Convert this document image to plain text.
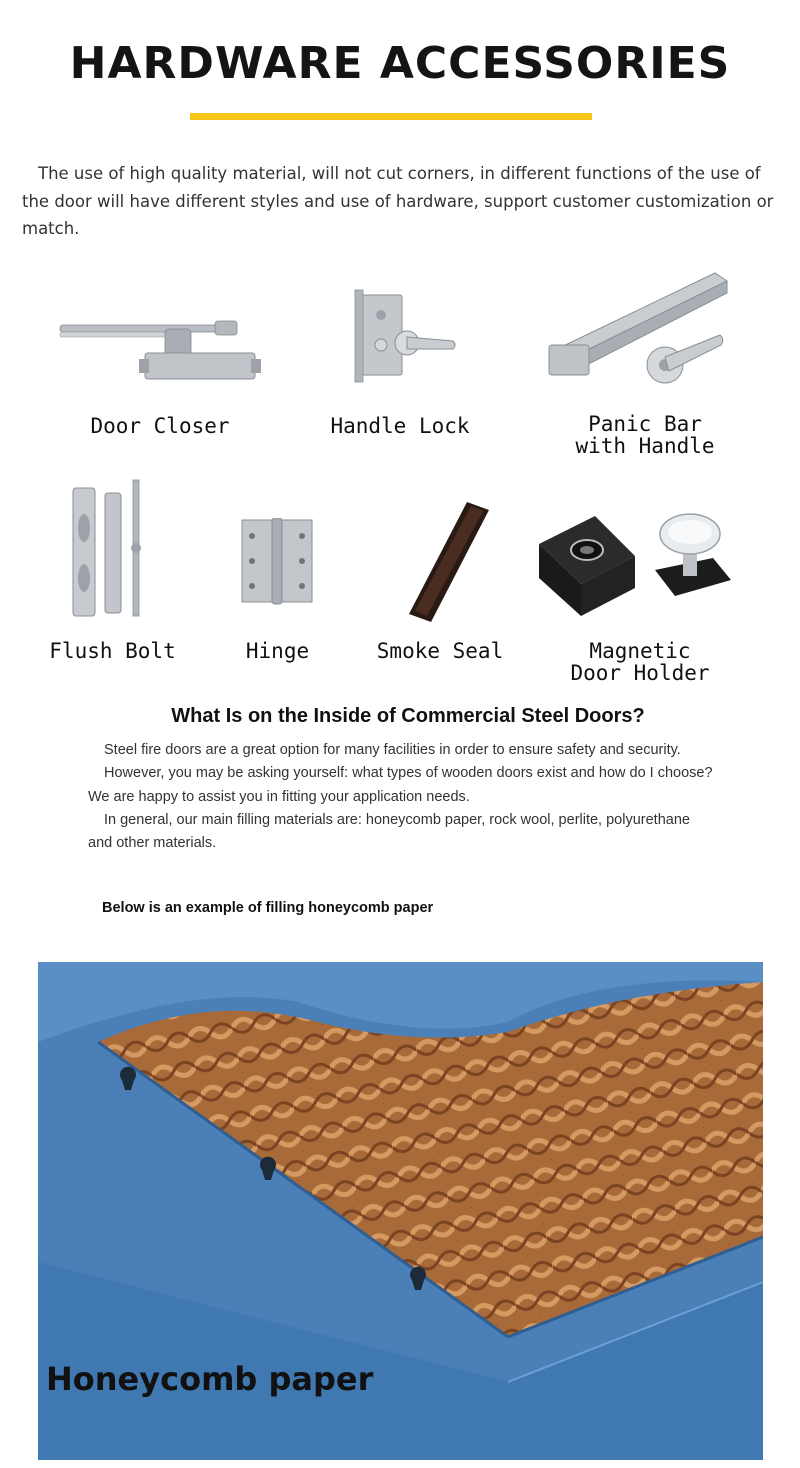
HARDWARE ACCESSORIES
The use of high quality material, will not cut corners, in different functions of the use of the door will have different styles and use of hardware, support customer customization or match.
Door Closer	Handle Lock	Panic Bar
with Handle
Flush Bolt	Hinge	Smoke Seal	Magnetic
Door Holder
What Is on the Inside of Commercial Steel Doors?
Steel fire doors are a great option for many facilities in order to ensure safety and security.
However, you may be asking yourself: what types of wooden doors exist and how do I choose? We are happy to assist you in fitting your application needs.
In general, our main filling materials are: honeycomb paper, rock wool, perlite, polyurethane
and other materials.
Below is an example of filling honeycomb paper
Honeycomb paper
